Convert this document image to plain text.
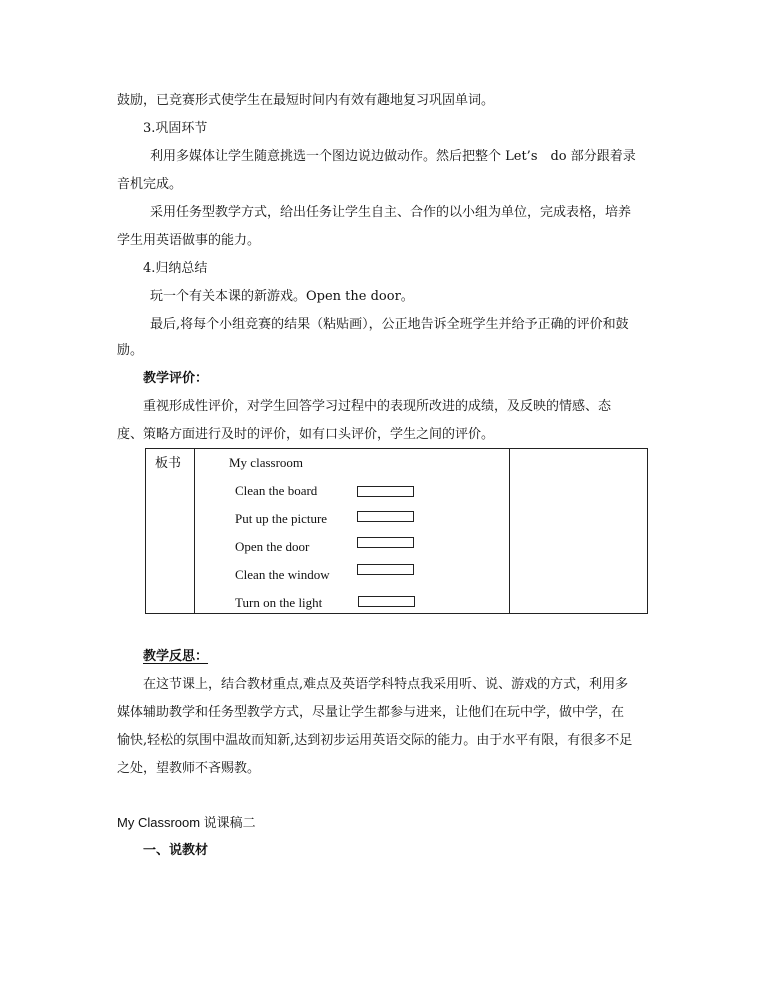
鼓励，已竞赛形式使学生在最短时间内有效有趣地复习巩固单词。
3.巩固环节
利用多媒体让学生随意挑选一个图边说边做动作。然后把整个 Let’s　do 部分跟着录
音机完成。
采用任务型教学方式，给出任务让学生自主、合作的以小组为单位，完成表格，培养
学生用英语做事的能力。
4.归纳总结
玩一个有关本课的新游戏。Open the door。
最后,将每个小组竞赛的结果（粘贴画），公正地告诉全班学生并给予正确的评价和鼓
励。
教学评价：
重视形成性评价，对学生回答学习过程中的表现所改进的成绩，及反映的情感、态
度、策略方面进行及时的评价，如有口头评价，学生之间的评价。
板书	My classroom
Clean the board
Put up the picture
Open the door
Clean the window
Turn on the light
教学反思：
在这节课上，结合教材重点,难点及英语学科特点我采用听、说、游戏的方式，利用多
媒体辅助教学和任务型教学方式，尽量让学生都参与进来，让他们在玩中学，做中学，在
愉快,轻松的氛围中温故而知新,达到初步运用英语交际的能力。由于水平有限，有很多不足
之处，望教师不吝赐教。
My Classroom 说课稿二
一、说教材
